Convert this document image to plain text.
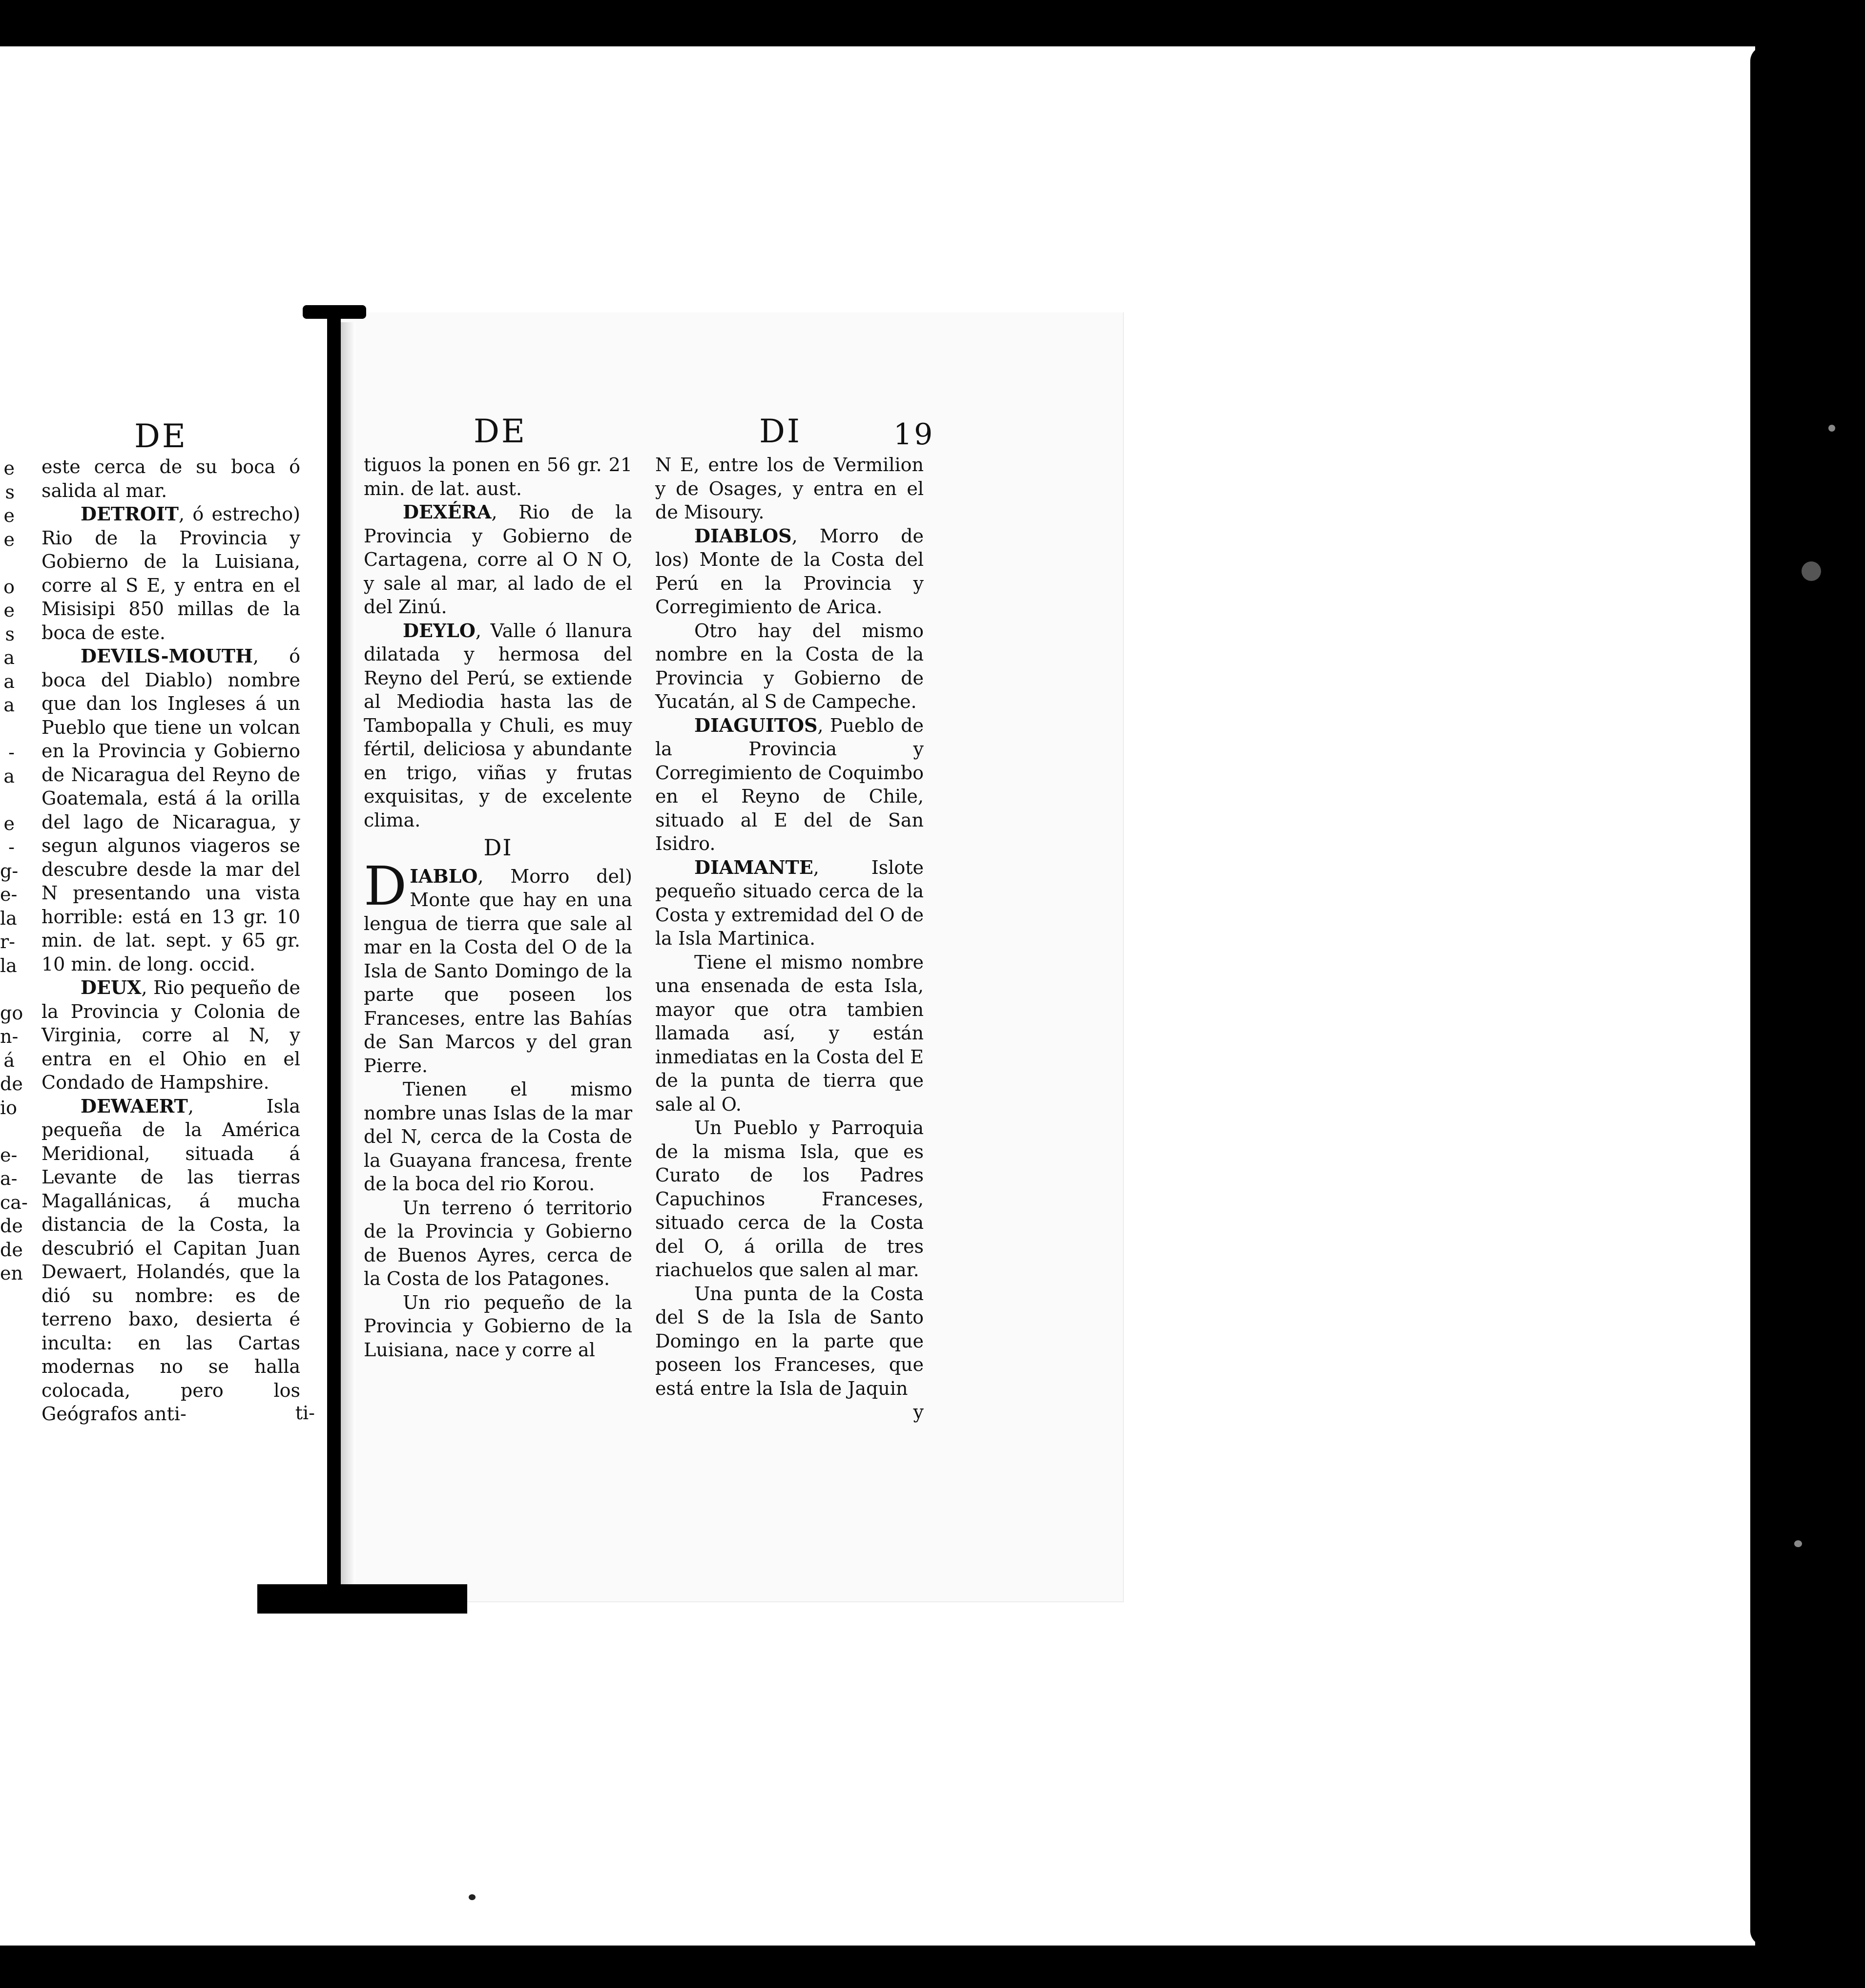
e
s
e
e
o
e
s
a
a
a
-
a
e
-
g-
e-
la
r-
la
go
n-
á
de
io
e-
a-
ca-
de
de
en
DE

este cerca de su boca ó salida al mar.

DETROIT, ó estrecho) Rio de la Provincia y Gobierno de la Luisiana, corre al S E, y entra en el Misisipi 850 millas de la boca de este.

DEVILS-MOUTH, ó boca del Diablo) nombre que dan los Ingleses á un Pueblo que tiene un volcan en la Provincia y Gobierno de Nicaragua del Reyno de Goatemala, está á la orilla del lago de Nicaragua, y segun algunos viageros se descubre desde la mar del N presentando una vista horrible: está en 13 gr. 10 min. de lat. sept. y 65 gr. 10 min. de long. occid.

DEUX, Rio pequeño de la Provincia y Colonia de Virginia, corre al N, y entra en el Ohio en el Condado de Hampshire.

DEWAERT, Isla pequeña de la América Meridional, situada á Levante de las tierras Magallánicas, á mucha distancia de la Costa, la descubrió el Capitan Juan Dewaert, Holandés, que la dió su nombre: es de terreno baxo, desierta é inculta: en las Cartas modernas no se halla colocada, pero los Geógrafos anti-	ti-

DE	DI	19

tiguos la ponen en 56 gr. 21 min. de lat. aust.

DEXÉRA, Rio de la Provincia y Gobierno de Cartagena, corre al O N O, y sale al mar, al lado de el del Zinú.

DEYLO, Valle ó llanura dilatada y hermosa del Reyno del Perú, se extiende al Mediodia hasta las de Tambopalla y Chuli, es muy fértil, deliciosa y abundante en trigo, viñas y frutas exquisitas, y de excelente clima.

DI

DIABLO, Morro del) Monte que hay en una lengua de tierra que sale al mar en la Costa del O de la Isla de Santo Domingo de la parte que poseen los Franceses, entre las Bahías de San Marcos y del gran Pierre.

Tienen el mismo nombre unas Islas de la mar del N, cerca de la Costa de la Guayana francesa, frente de la boca del rio Korou.

Un terreno ó territorio de la Provincia y Gobierno de Buenos Ayres, cerca de la Costa de los Patagones.

Un rio pequeño de la Provincia y Gobierno de la Luisiana, nace y corre al

N E, entre los de Vermilion y de Osages, y entra en el de Misoury.

DIABLOS, Morro de los) Monte de la Costa del Perú en la Provincia y Corregimiento de Arica.

Otro hay del mismo nombre en la Costa de la Provincia y Gobierno de Yucatán, al S de Campeche.

DIAGUITOS, Pueblo de la Provincia y Corregimiento de Coquimbo en el Reyno de Chile, situado al E del de San Isidro.

DIAMANTE, Islote pequeño situado cerca de la Costa y extremidad del O de la Isla Martinica.

Tiene el mismo nombre una ensenada de esta Isla, mayor que otra tambien llamada así, y están inmediatas en la Costa del E de la punta de tierra que sale al O.

Un Pueblo y Parroquia de la misma Isla, que es Curato de los Padres Capuchinos Franceses, situado cerca de la Costa del O, á orilla de tres riachuelos que salen al mar.

Una punta de la Costa del S de la Isla de Santo Domingo en la parte que poseen los Franceses, que está entre la Isla de Jaquin

y
